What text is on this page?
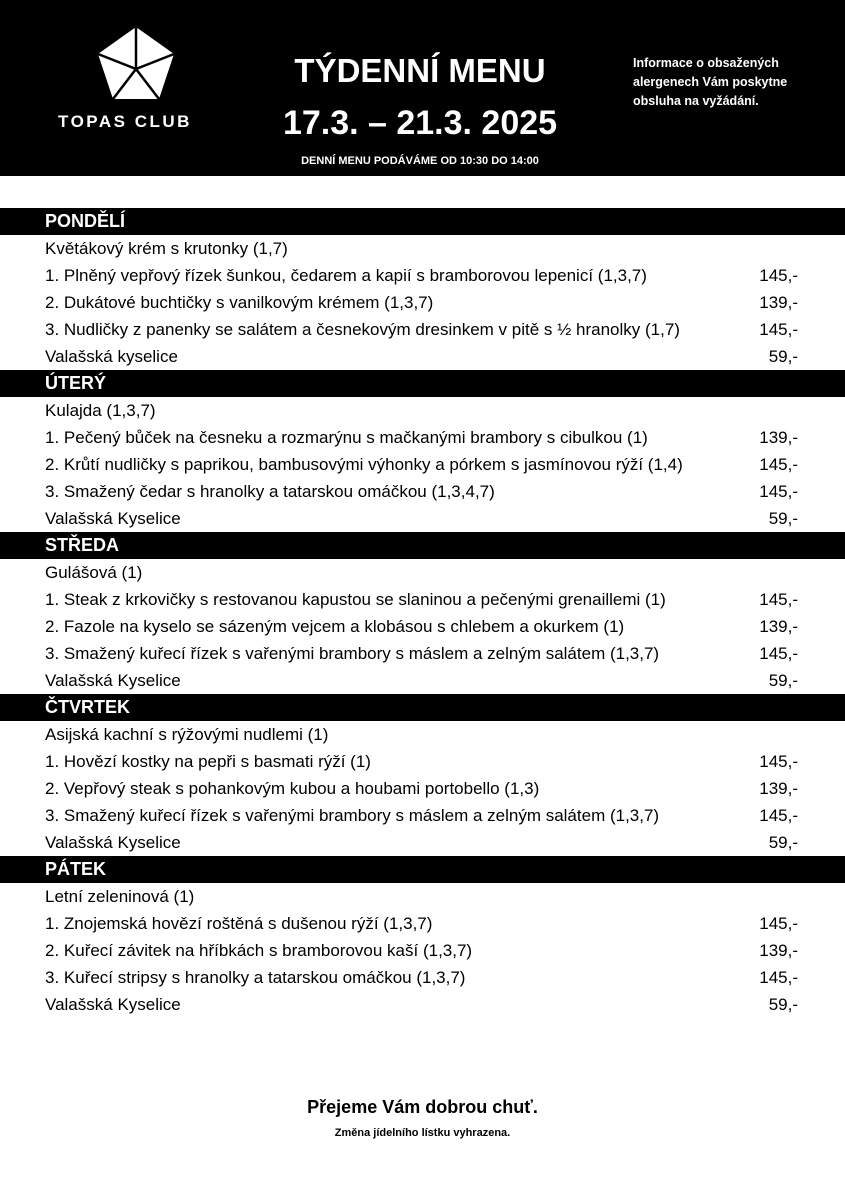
TOPAS CLUB
TÝDENNÍ MENU
17.3. – 21.3. 2025
DENNÍ MENU PODÁVÁME OD 10:30 DO 14:00
Informace o obsažených alergenech Vám poskytne obsluha na vyžádání.
PONDĚLÍ
Květákový krém s krutonky (1,7)
1. Plněný vepřový řízek šunkou, čedarem a kapií s bramborovou lepenicí (1,3,7)	145,-
2. Dukátové buchtičky s vanilkovým krémem (1,3,7)	139,-
3. Nudličky z panenky se salátem a česnekovým dresinkem v pitě s ½ hranolky (1,7)	145,-
Valašská kyselice	59,-
ÚTERÝ
Kulajda (1,3,7)
1. Pečený bůček na česneku a rozmarýnu s mačkanými brambory s cibulkou (1)	139,-
2. Krůtí nudličky s paprikou, bambusovými výhonky a pórkem s jasmínovou rýží (1,4)	145,-
3. Smažený čedar s hranolky a tatarskou omáčkou (1,3,4,7)	145,-
Valašská Kyselice	59,-
STŘEDA
Gulášová (1)
1. Steak z krkovičky s restovanou kapustou se slaninou a pečenými grenaillemi (1)	145,-
2. Fazole na kyselo se sázeným vejcem a klobásou s chlebem a okurkem (1)	139,-
3. Smažený kuřecí řízek s vařenými brambory s máslem a zelným salátem (1,3,7)	145,-
Valašská Kyselice	59,-
ČTVRTEK
Asijská kachní s rýžovými nudlemi (1)
1. Hovězí kostky na pepři s basmati rýží (1)	145,-
2. Vepřový steak s pohankovým kubou a houbami portobello (1,3)	139,-
3. Smažený kuřecí řízek s vařenými brambory s máslem a zelným salátem (1,3,7)	145,-
Valašská Kyselice	59,-
PÁTEK
Letní zeleninová (1)
1. Znojemská hovězí roštěná s dušenou rýží (1,3,7)	145,-
2. Kuřecí závitek na hříbkách s bramborovou kaší (1,3,7)	139,-
3. Kuřecí stripsy s hranolky a tatarskou omáčkou (1,3,7)	145,-
Valašská Kyselice	59,-
Přejeme Vám dobrou chuť.
Změna jídelního lístku vyhrazena.
